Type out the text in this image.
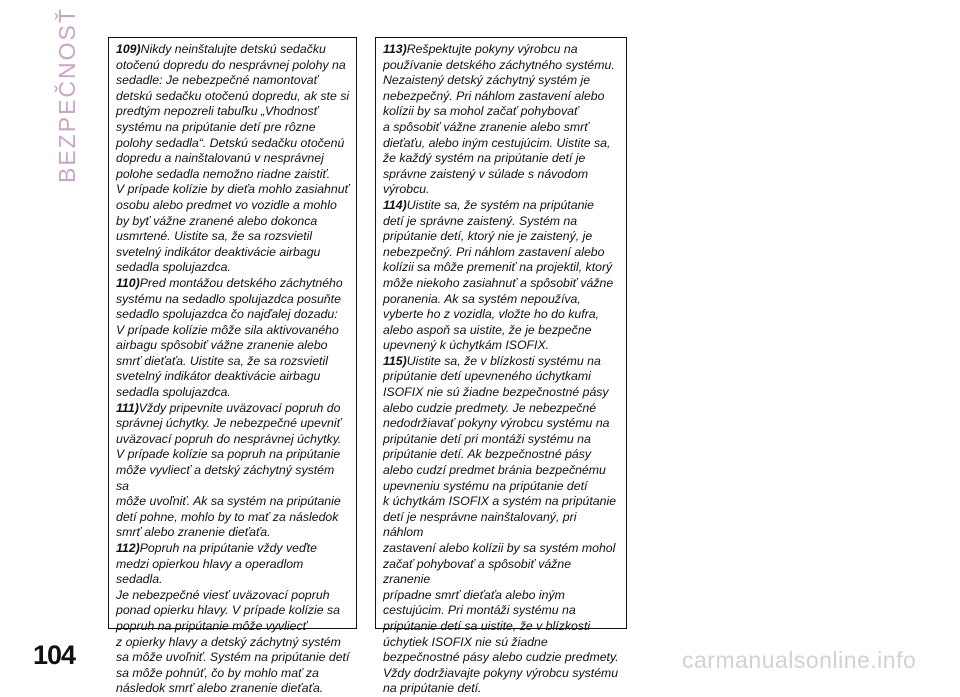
BEZPEČNOSŤ	109)Nikdy neinštalujte detskú sedačku
otočenú dopredu do nesprávnej polohy na
sedadle: Je nebezpečné namontovať
detskú sedačku otočenú dopredu, ak ste si
predtým nepozreli tabuľku „Vhodnosť
systému na pripútanie detí pre rôzne
polohy sedadla“. Detskú sedačku otočenú
dopredu a nainštalovanú v nesprávnej
polohe sedadla nemožno riadne zaistiť.
V prípade kolízie by dieťa mohlo zasiahnuť
osobu alebo predmet vo vozidle a mohlo
by byť vážne zranené alebo dokonca
usmrtené. Uistite sa, že sa rozsvietil
svetelný indikátor deaktivácie airbagu
sedadla spolujazdca.

110)Pred montážou detského záchytného
systému na sedadlo spolujazdca posuňte
sedadlo spolujazdca čo najďalej dozadu:
V prípade kolízie môže sila aktivovaného
airbagu spôsobiť vážne zranenie alebo
smrť dieťaťa. Uistite sa, že sa rozsvietil
svetelný indikátor deaktivácie airbagu
sedadla spolujazdca.

111)Vždy pripevnite uväzovací popruh do
správnej úchytky. Je nebezpečné upevniť
uväzovací popruh do nesprávnej úchytky.
V prípade kolízie sa popruh na pripútanie
môže vyvliecť a detský záchytný systém sa
môže uvoľniť. Ak sa systém na pripútanie
detí pohne, mohlo by to mať za následok
smrť alebo zranenie dieťaťa.

112)Popruh na pripútanie vždy veďte
medzi opierkou hlavy a operadlom sedadla.
Je nebezpečné viesť uväzovací popruh
ponad opierku hlavy. V prípade kolízie sa
popruh na pripútanie môže vyvliecť
z opierky hlavy a detský záchytný systém
sa môže uvoľniť. Systém na pripútanie detí
sa môže pohnúť, čo by mohlo mať za
následok smrť alebo zranenie dieťaťa.

113)Rešpektujte pokyny výrobcu na
používanie detského záchytného systému.
Nezaistený detský záchytný systém je
nebezpečný. Pri náhlom zastavení alebo
kolízii by sa mohol začať pohybovať
a spôsobiť vážne zranenie alebo smrť
dieťaťu, alebo iným cestujúcim. Uistite sa,
že každý systém na pripútanie detí je
správne zaistený v súlade s návodom
výrobcu.

114)Uistite sa, že systém na pripútanie
detí je správne zaistený. Systém na
pripútanie detí, ktorý nie je zaistený, je
nebezpečný. Pri náhlom zastavení alebo
kolízii sa môže premeniť na projektil, ktorý
môže niekoho zasiahnuť a spôsobiť vážne
poranenia. Ak sa systém nepoužíva,
vyberte ho z vozidla, vložte ho do kufra,
alebo aspoň sa uistite, že je bezpečne
upevnený k úchytkám ISOFIX.

115)Uistite sa, že v blízkosti systému na
pripútanie detí upevneného úchytkami
ISOFIX nie sú žiadne bezpečnostné pásy
alebo cudzie predmety. Je nebezpečné
nedodržiavať pokyny výrobcu systému na
pripútanie detí pri montáži systému na
pripútanie detí. Ak bezpečnostné pásy
alebo cudzí predmet bránia bezpečnému
upevneniu systému na pripútanie detí
k úchytkám ISOFIX a systém na pripútanie
detí je nesprávne nainštalovaný, pri náhlom
zastavení alebo kolízii by sa systém mohol
začať pohybovať a spôsobiť vážne zranenie
prípadne smrť dieťaťa alebo iným
cestujúcim. Pri montáži systému na
pripútanie detí sa uistite, že v blízkosti
úchytiek ISOFIX nie sú žiadne
bezpečnostné pásy alebo cudzie predmety.
Vždy dodržiavajte pokyny výrobcu systému
na pripútanie detí.

104	carmanualsonline.info
